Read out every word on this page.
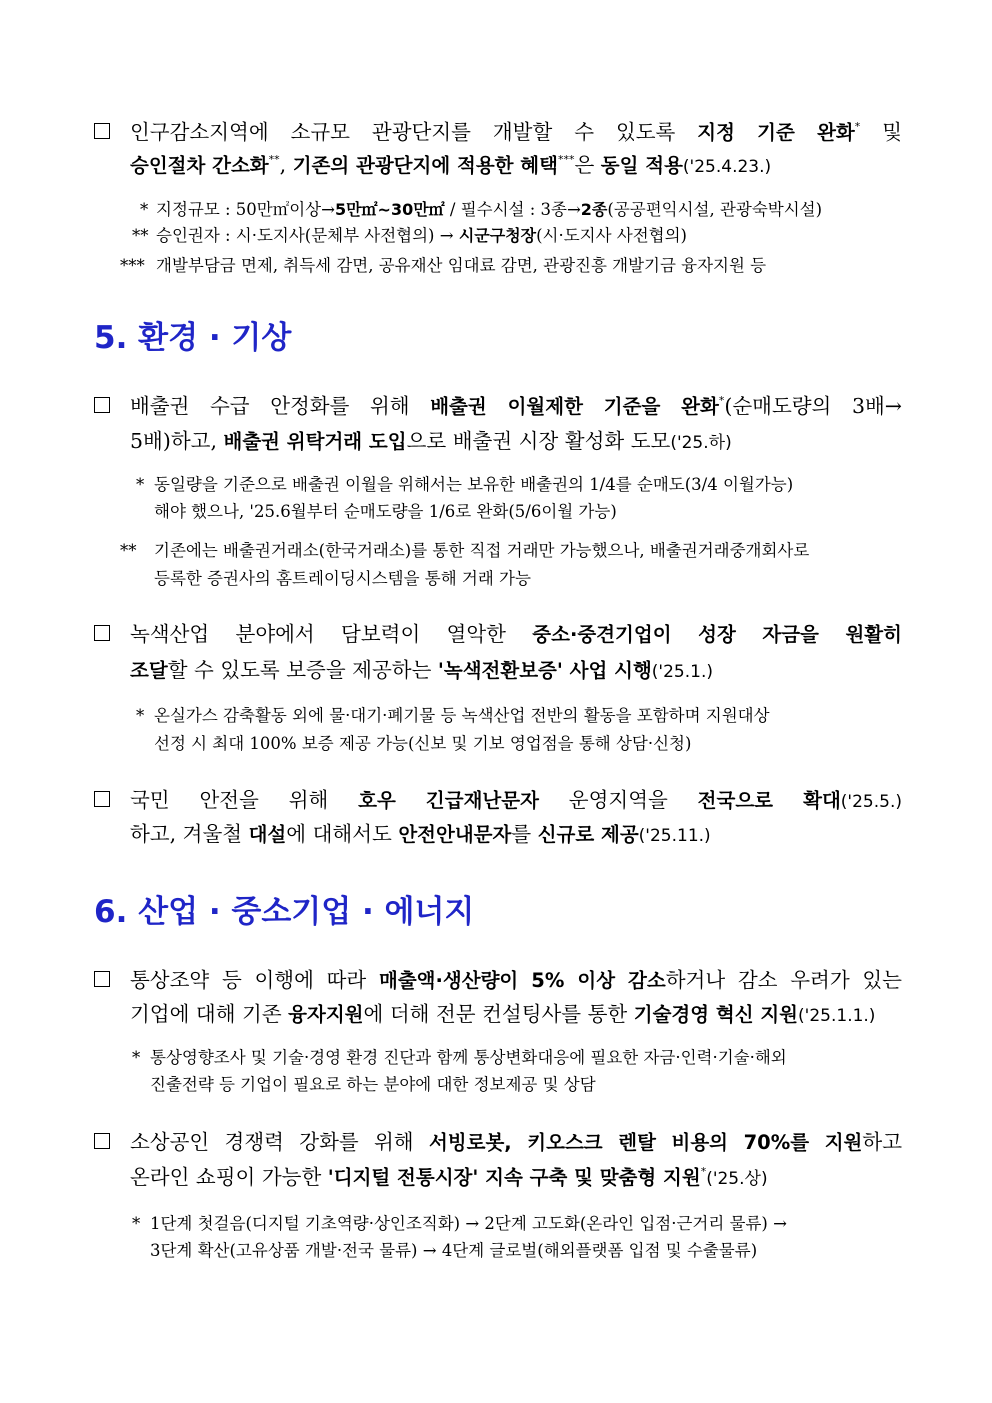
인구감소지역에 소규모 관광단지를 개발할 수 있도록 지정 기준 완화* 및
승인절차 간소화**, 기존의 관광단지에 적용한 혜택***은 동일 적용('25.4.23.)
* 지정규모 : 50만㎡이상→5만㎡~30만㎡ / 필수시설 : 3종→2종(공공편익시설, 관광숙박시설)
** 승인권자 : 시·도지사(문체부 사전협의) → 시군구청장(시·도지사 사전협의)
*** 개발부담금 면제, 취득세 감면, 공유재산 임대료 감면, 관광진흥 개발기금 융자지원 등
5. 환경 · 기상
배출권 수급 안정화를 위해 배출권 이월제한 기준을 완화*(순매도량의 3배→
5배)하고, 배출권 위탁거래 도입으로 배출권 시장 활성화 도모('25.하)
* 동일량을 기준으로 배출권 이월을 위해서는 보유한 배출권의 1/4를 순매도(3/4 이월가능)
해야 했으나, '25.6월부터 순매도량을 1/6로 완화(5/6이월 가능)
** 기존에는 배출권거래소(한국거래소)를 통한 직접 거래만 가능했으나, 배출권거래중개회사로
등록한 증권사의 홈트레이딩시스템을 통해 거래 가능
녹색산업 분야에서 담보력이 열악한 중소·중견기업이 성장 자금을 원활히
조달할 수 있도록 보증을 제공하는 '녹색전환보증' 사업 시행('25.1.)
* 온실가스 감축활동 외에 물·대기·폐기물 등 녹색산업 전반의 활동을 포함하며 지원대상
선정 시 최대 100% 보증 제공 가능(신보 및 기보 영업점을 통해 상담·신청)
국민 안전을 위해 호우 긴급재난문자 운영지역을 전국으로 확대('25.5.)
하고, 겨울철 대설에 대해서도 안전안내문자를 신규로 제공('25.11.)
6. 산업 · 중소기업 · 에너지
통상조약 등 이행에 따라 매출액·생산량이 5% 이상 감소하거나 감소 우려가 있는
기업에 대해 기존 융자지원에 더해 전문 컨설팅사를 통한 기술경영 혁신 지원('25.1.1.)
* 통상영향조사 및 기술·경영 환경 진단과 함께 통상변화대응에 필요한 자금·인력·기술·해외
진출전략 등 기업이 필요로 하는 분야에 대한 정보제공 및 상담
소상공인 경쟁력 강화를 위해 서빙로봇, 키오스크 렌탈 비용의 70%를 지원하고
온라인 쇼핑이 가능한 '디지털 전통시장' 지속 구축 및 맞춤형 지원*('25.상)
* 1단계 첫걸음(디지털 기초역량·상인조직화) → 2단계 고도화(온라인 입점·근거리 물류) →
3단계 확산(고유상품 개발·전국 물류) → 4단계 글로벌(해외플랫폼 입점 및 수출물류)
